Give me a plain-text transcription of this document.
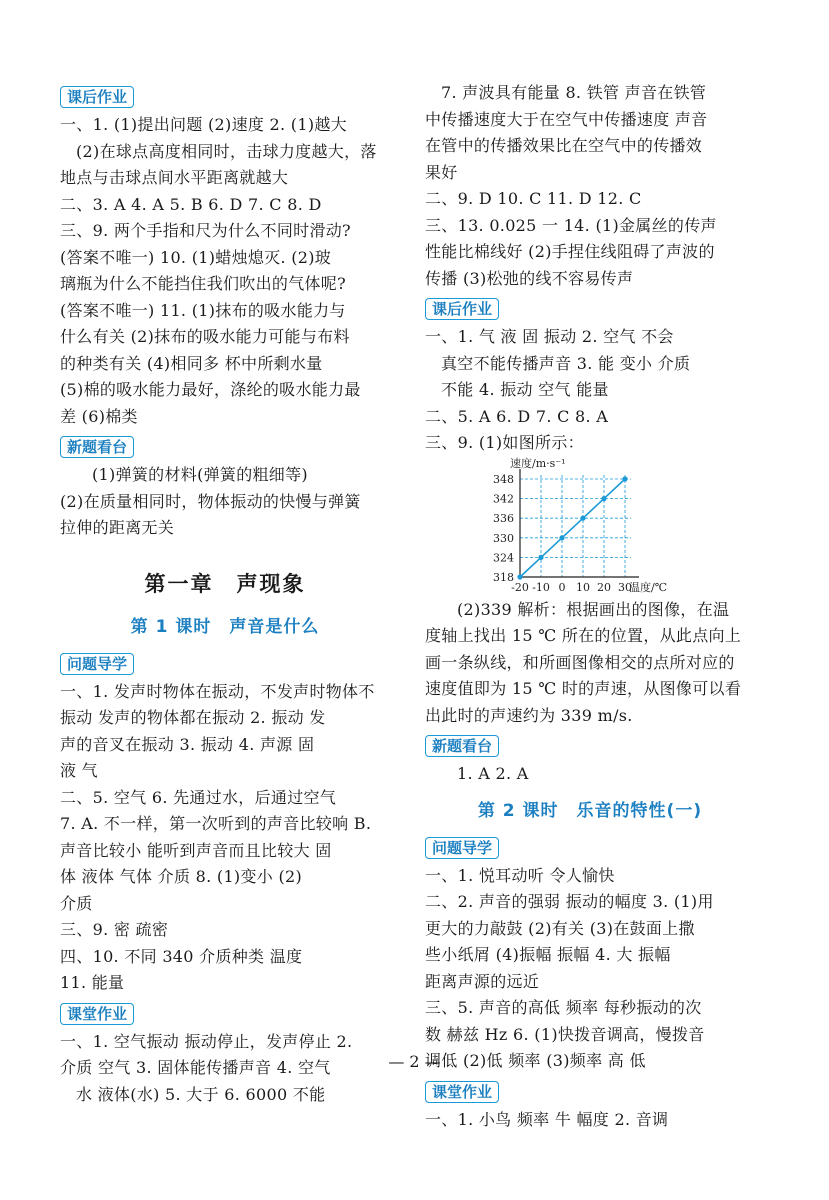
课后作业
一、1. (1)提出问题 (2)速度 2. (1)越大
(2)在球点高度相同时，击球力度越大，落
地点与击球点间水平距离就越大
二、3. A 4. A 5. B 6. D 7. C 8. D
三、9. 两个手指和尺为什么不同时滑动?
(答案不唯一) 10. (1)蜡烛熄灭. (2)玻
璃瓶为什么不能挡住我们吹出的气体呢?
(答案不唯一) 11. (1)抹布的吸水能力与
什么有关 (2)抹布的吸水能力可能与布料
的种类有关 (4)相同多 杯中所剩水量
(5)棉的吸水能力最好，涤纶的吸水能力最
差 (6)棉类
新题看台
(1)弹簧的材料(弹簧的粗细等)
(2)在质量相同时，物体振动的快慢与弹簧
拉伸的距离无关
第一章　声现象
第 1 课时　声音是什么
问题导学
一、1. 发声时物体在振动，不发声时物体不
振动 发声的物体都在振动 2. 振动 发
声的音叉在振动 3. 振动 4. 声源 固
液 气
二、5. 空气 6. 先通过水，后通过空气
7. A. 不一样，第一次听到的声音比较响 B.
声音比较小 能听到声音而且比较大 固
体 液体 气体 介质 8. (1)变小 (2)
介质
三、9. 密 疏密
四、10. 不同 340 介质种类 温度
11. 能量
课堂作业
一、1. 空气振动 振动停止，发声停止 2.
介质 空气 3. 固体能传播声音 4. 空气
水 液体(水) 5. 大于 6. 6000 不能
7. 声波具有能量 8. 铁管 声音在铁管
中传播速度大于在空气中传播速度 声音
在管中的传播效果比在空气中的传播效
果好
二、9. D 10. C 11. D 12. C
三、13. 0.025 一 14. (1)金属丝的传声
性能比棉线好 (2)手捏住线阻碍了声波的
传播 (3)松弛的线不容易传声
课后作业
一、1. 气 液 固 振动 2. 空气 不会
真空不能传播声音 3. 能 变小 介质
不能 4. 振动 空气 能量
二、5. A 6. D 7. C 8. A
三、9. (1)如图所示：
速度/m·s⁻¹
温度/℃
318
324
330
336
342
348
-20 -10 0 10 20 30
(2)339 解析：根据画出的图像，在温
度轴上找出 15 ℃ 所在的位置，从此点向上
画一条纵线，和所画图像相交的点所对应的
速度值即为 15 ℃ 时的声速，从图像可以看
出此时的声速约为 339 m/s.
新题看台
1. A 2. A
第 2 课时　乐音的特性(一)
问题导学
一、1. 悦耳动听 令人愉快
二、2. 声音的强弱 振动的幅度 3. (1)用
更大的力敲鼓 (2)有关 (3)在鼓面上撒
些小纸屑 (4)振幅 振幅 4. 大 振幅
距离声源的远近
三、5. 声音的高低 频率 每秒振动的次
数 赫兹 Hz 6. (1)快拨音调高，慢拨音
调低 (2)低 频率 (3)频率 高 低
课堂作业
一、1. 小鸟 频率 牛 幅度 2. 音调
— 2 —
